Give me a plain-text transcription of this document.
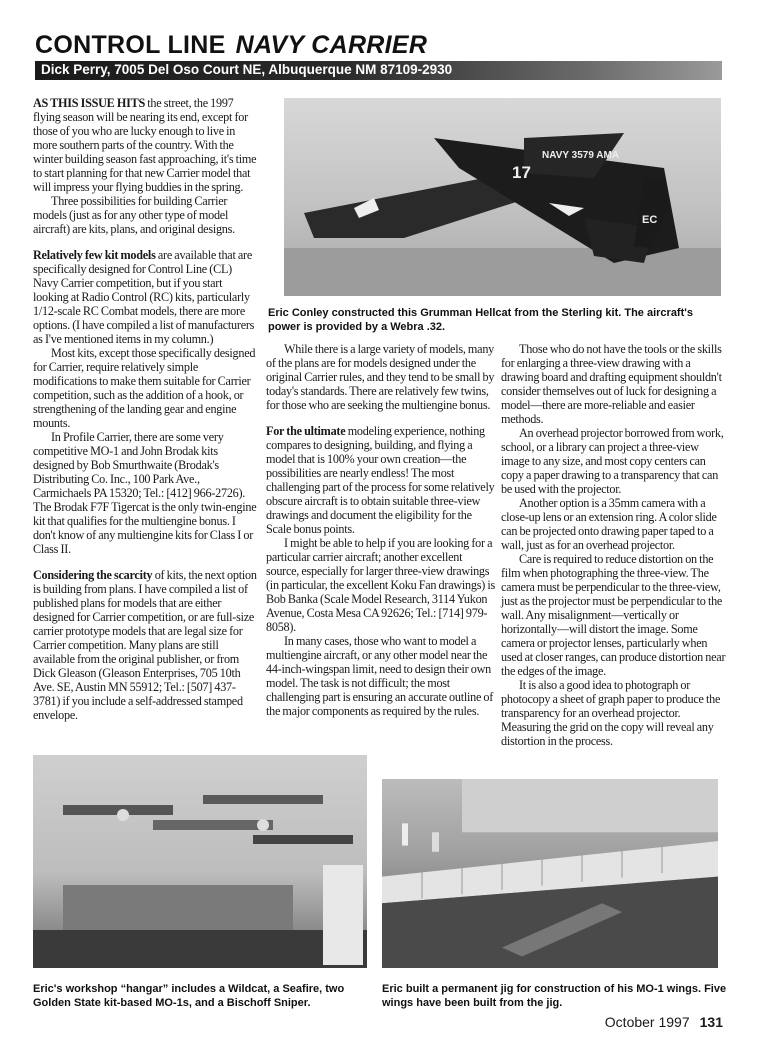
CONTROL LINE NAVY CARRIER
Dick Perry, 7005 Del Oso Court NE, Albuquerque NM 87109-2930
NAVY 3579 AMA
17
EC
Eric Conley constructed this Grumman Hellcat from the Sterling kit. The aircraft's power is provided by a Webra .32.

AS THIS ISSUE HITS the street, the 1997 flying season will be nearing its end, except for those of you who are lucky enough to live in more southern parts of the country. With the winter building season fast approaching, it's time to start planning for that new Carrier model that will impress your flying buddies in the spring.

Three possibilities for building Carrier models (just as for any other type of model aircraft) are kits, plans, and original designs.

Relatively few kit models are available that are specifically designed for Control Line (CL) Navy Carrier competition, but if you start looking at Radio Control (RC) kits, particularly 1/12-scale RC Combat models, there are more options. (I have compiled a list of manufacturers as I've mentioned items in my column.)

Most kits, except those specifically designed for Carrier, require relatively simple modifications to make them suitable for Carrier competition, such as the addition of a hook, or strengthening of the landing gear and engine mounts.

In Profile Carrier, there are some very competitive MO-1 and John Brodak kits designed by Bob Smurthwaite (Brodak's Distributing Co. Inc., 100 Park Ave., Carmichaels PA 15320; Tel.: [412] 966-2726). The Brodak F7F Tigercat is the only twin-engine kit that qualifies for the multiengine bonus. I don't know of any multiengine kits for Class I or Class II.

Considering the scarcity of kits, the next option is building from plans. I have compiled a list of published plans for models that are either designed for Carrier competition, or are full-size carrier prototype models that are legal size for Carrier competition. Many plans are still available from the original publisher, or from Dick Gleason (Gleason Enterprises, 705 10th Ave. SE, Austin MN 55912; Tel.: [507] 437-3781) if you include a self-addressed stamped envelope.

While there is a large variety of models, many of the plans are for models designed under the original Carrier rules, and they tend to be small by today's standards. There are relatively few twins, for those who are seeking the multiengine bonus.

For the ultimate modeling experience, nothing compares to designing, building, and flying a model that is 100% your own creation—the possibilities are nearly endless! The most challenging part of the process for some relatively obscure aircraft is to obtain suitable three-view drawings and document the eligibility for the Scale bonus points.

I might be able to help if you are looking for a particular carrier aircraft; another excellent source, especially for larger three-view drawings (in particular, the excellent Koku Fan drawings) is Bob Banka (Scale Model Research, 3114 Yukon Avenue, Costa Mesa CA 92626; Tel.: [714] 979-8058).

In many cases, those who want to model a multiengine aircraft, or any other model near the 44-inch-wingspan limit, need to design their own model. The task is not difficult; the most challenging part is ensuring an accurate outline of the major components as required by the rules.

Those who do not have the tools or the skills for enlarging a three-view drawing with a drawing board and drafting equipment shouldn't consider themselves out of luck for designing a model—there are more-reliable and easier methods.

An overhead projector borrowed from work, school, or a library can project a three-view image to any size, and most copy centers can copy a paper drawing to a transparency that can be used with the projector.

Another option is a 35mm camera with a close-up lens or an extension ring. A color slide can be projected onto drawing paper taped to a wall, just as for an overhead projector.

Care is required to reduce distortion on the film when photographing the three-view. The camera must be perpendicular to the three-view, just as the projector must be perpendicular to the wall. Any misalignment—vertically or horizontally—will distort the image. Some camera or projector lenses, particularly when used at closer ranges, can produce distortion near the edges of the image.

It is also a good idea to photograph or photocopy a sheet of graph paper to produce the transparency for an overhead projector. Measuring the grid on the copy will reveal any distortion in the process.

Eric's workshop “hangar” includes a Wildcat, a Seafire, two Golden State kit-based MO-1s, and a Bischoff Sniper.
Eric built a permanent jig for construction of his MO-1 wings. Five wings have been built from the jig.
October 1997 131
